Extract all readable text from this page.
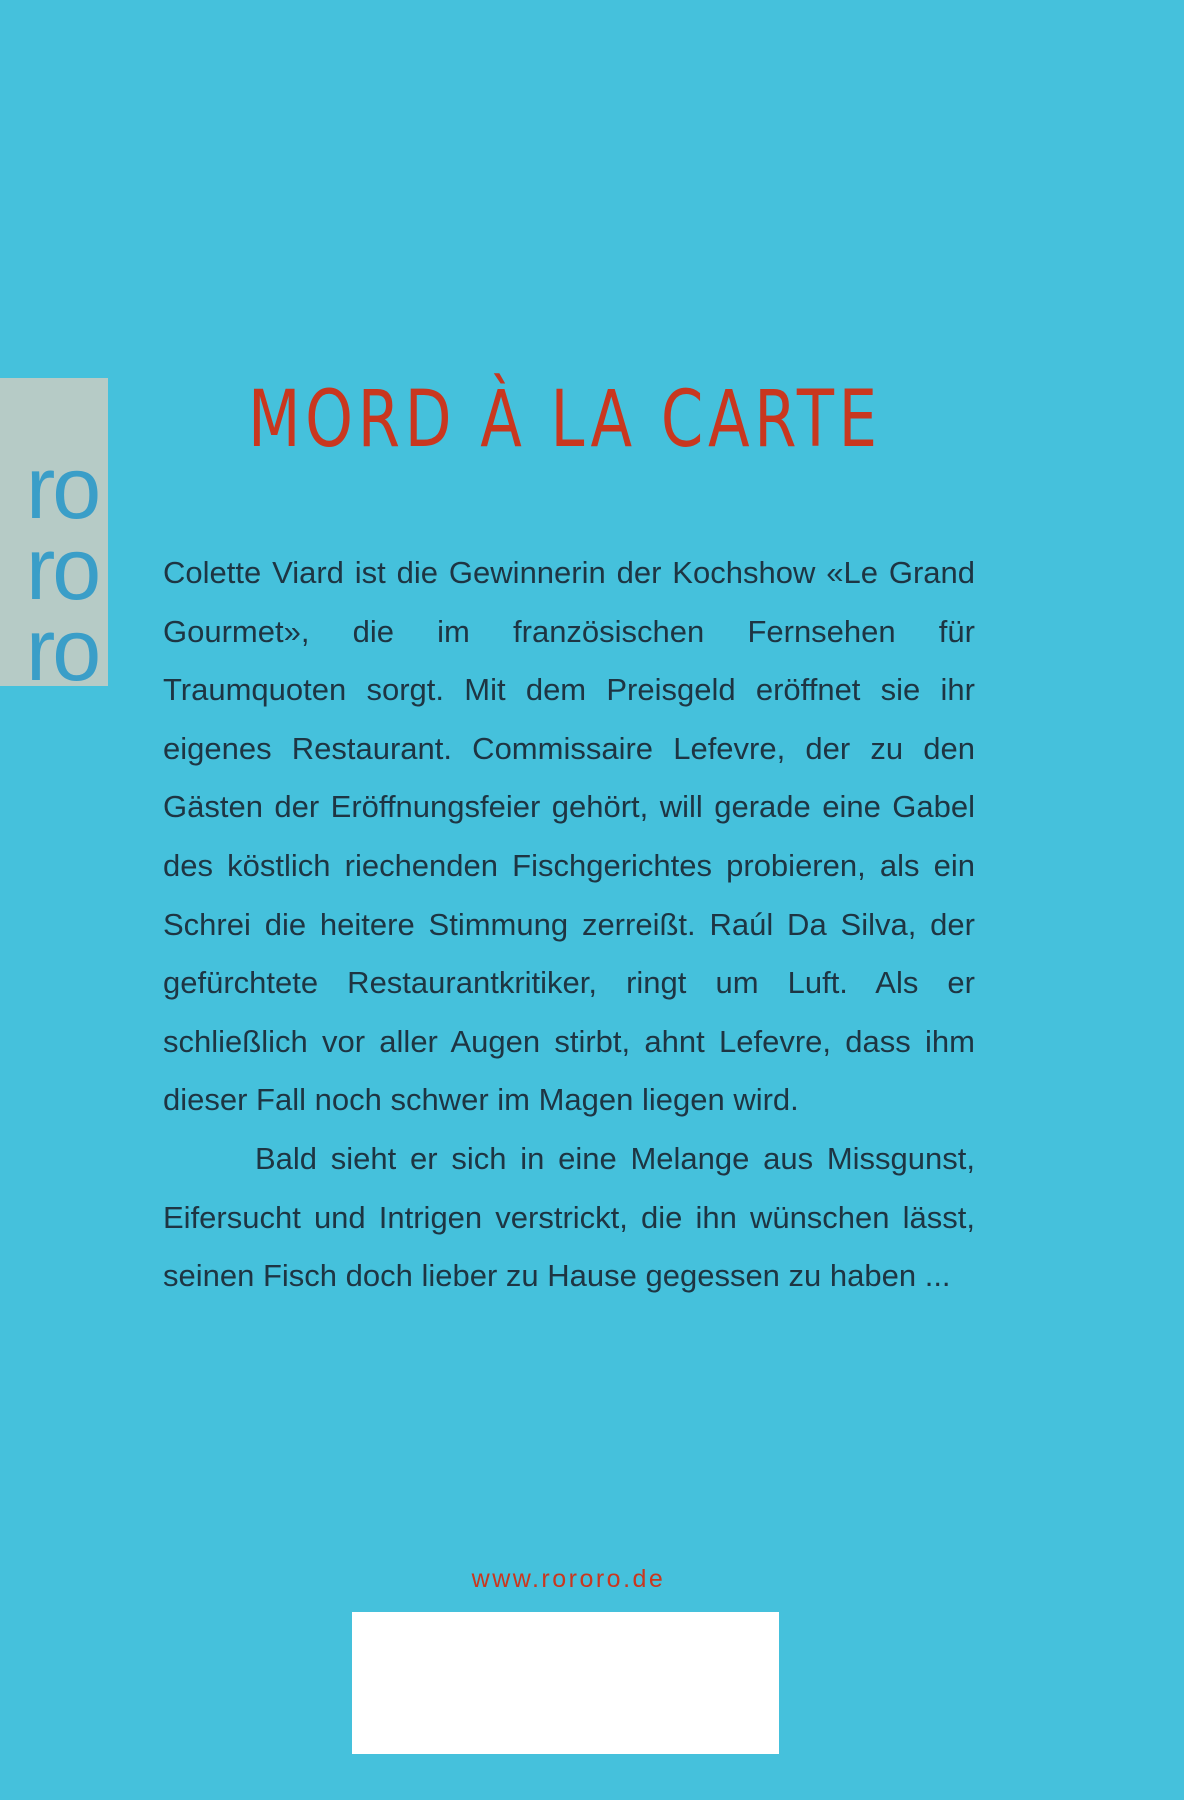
ro
ro
ro
MORD À LA CARTE

Colette Viard ist die Gewinnerin der Kochshow «Le Grand Gourmet», die im französischen Fernsehen für Traumquoten sorgt. Mit dem Preisgeld eröffnet sie ihr eigenes Restaurant. Commissaire Lefevre, der zu den Gästen der Eröffnungsfeier gehört, will gerade eine Gabel des köstlich riechenden Fischgerichtes probieren, als ein Schrei die heitere Stimmung zerreißt. Raúl Da Silva, der gefürchtete Restaurantkritiker, ringt um Luft. Als er schließlich vor aller Augen stirbt, ahnt Lefevre, dass ihm dieser Fall noch schwer im Magen liegen wird.

Bald sieht er sich in eine Melange aus Missgunst, Eifersucht und Intrigen verstrickt, die ihn wünschen lässt, seinen Fisch doch lieber zu Hause gegessen zu haben ...

www.rororo.de
